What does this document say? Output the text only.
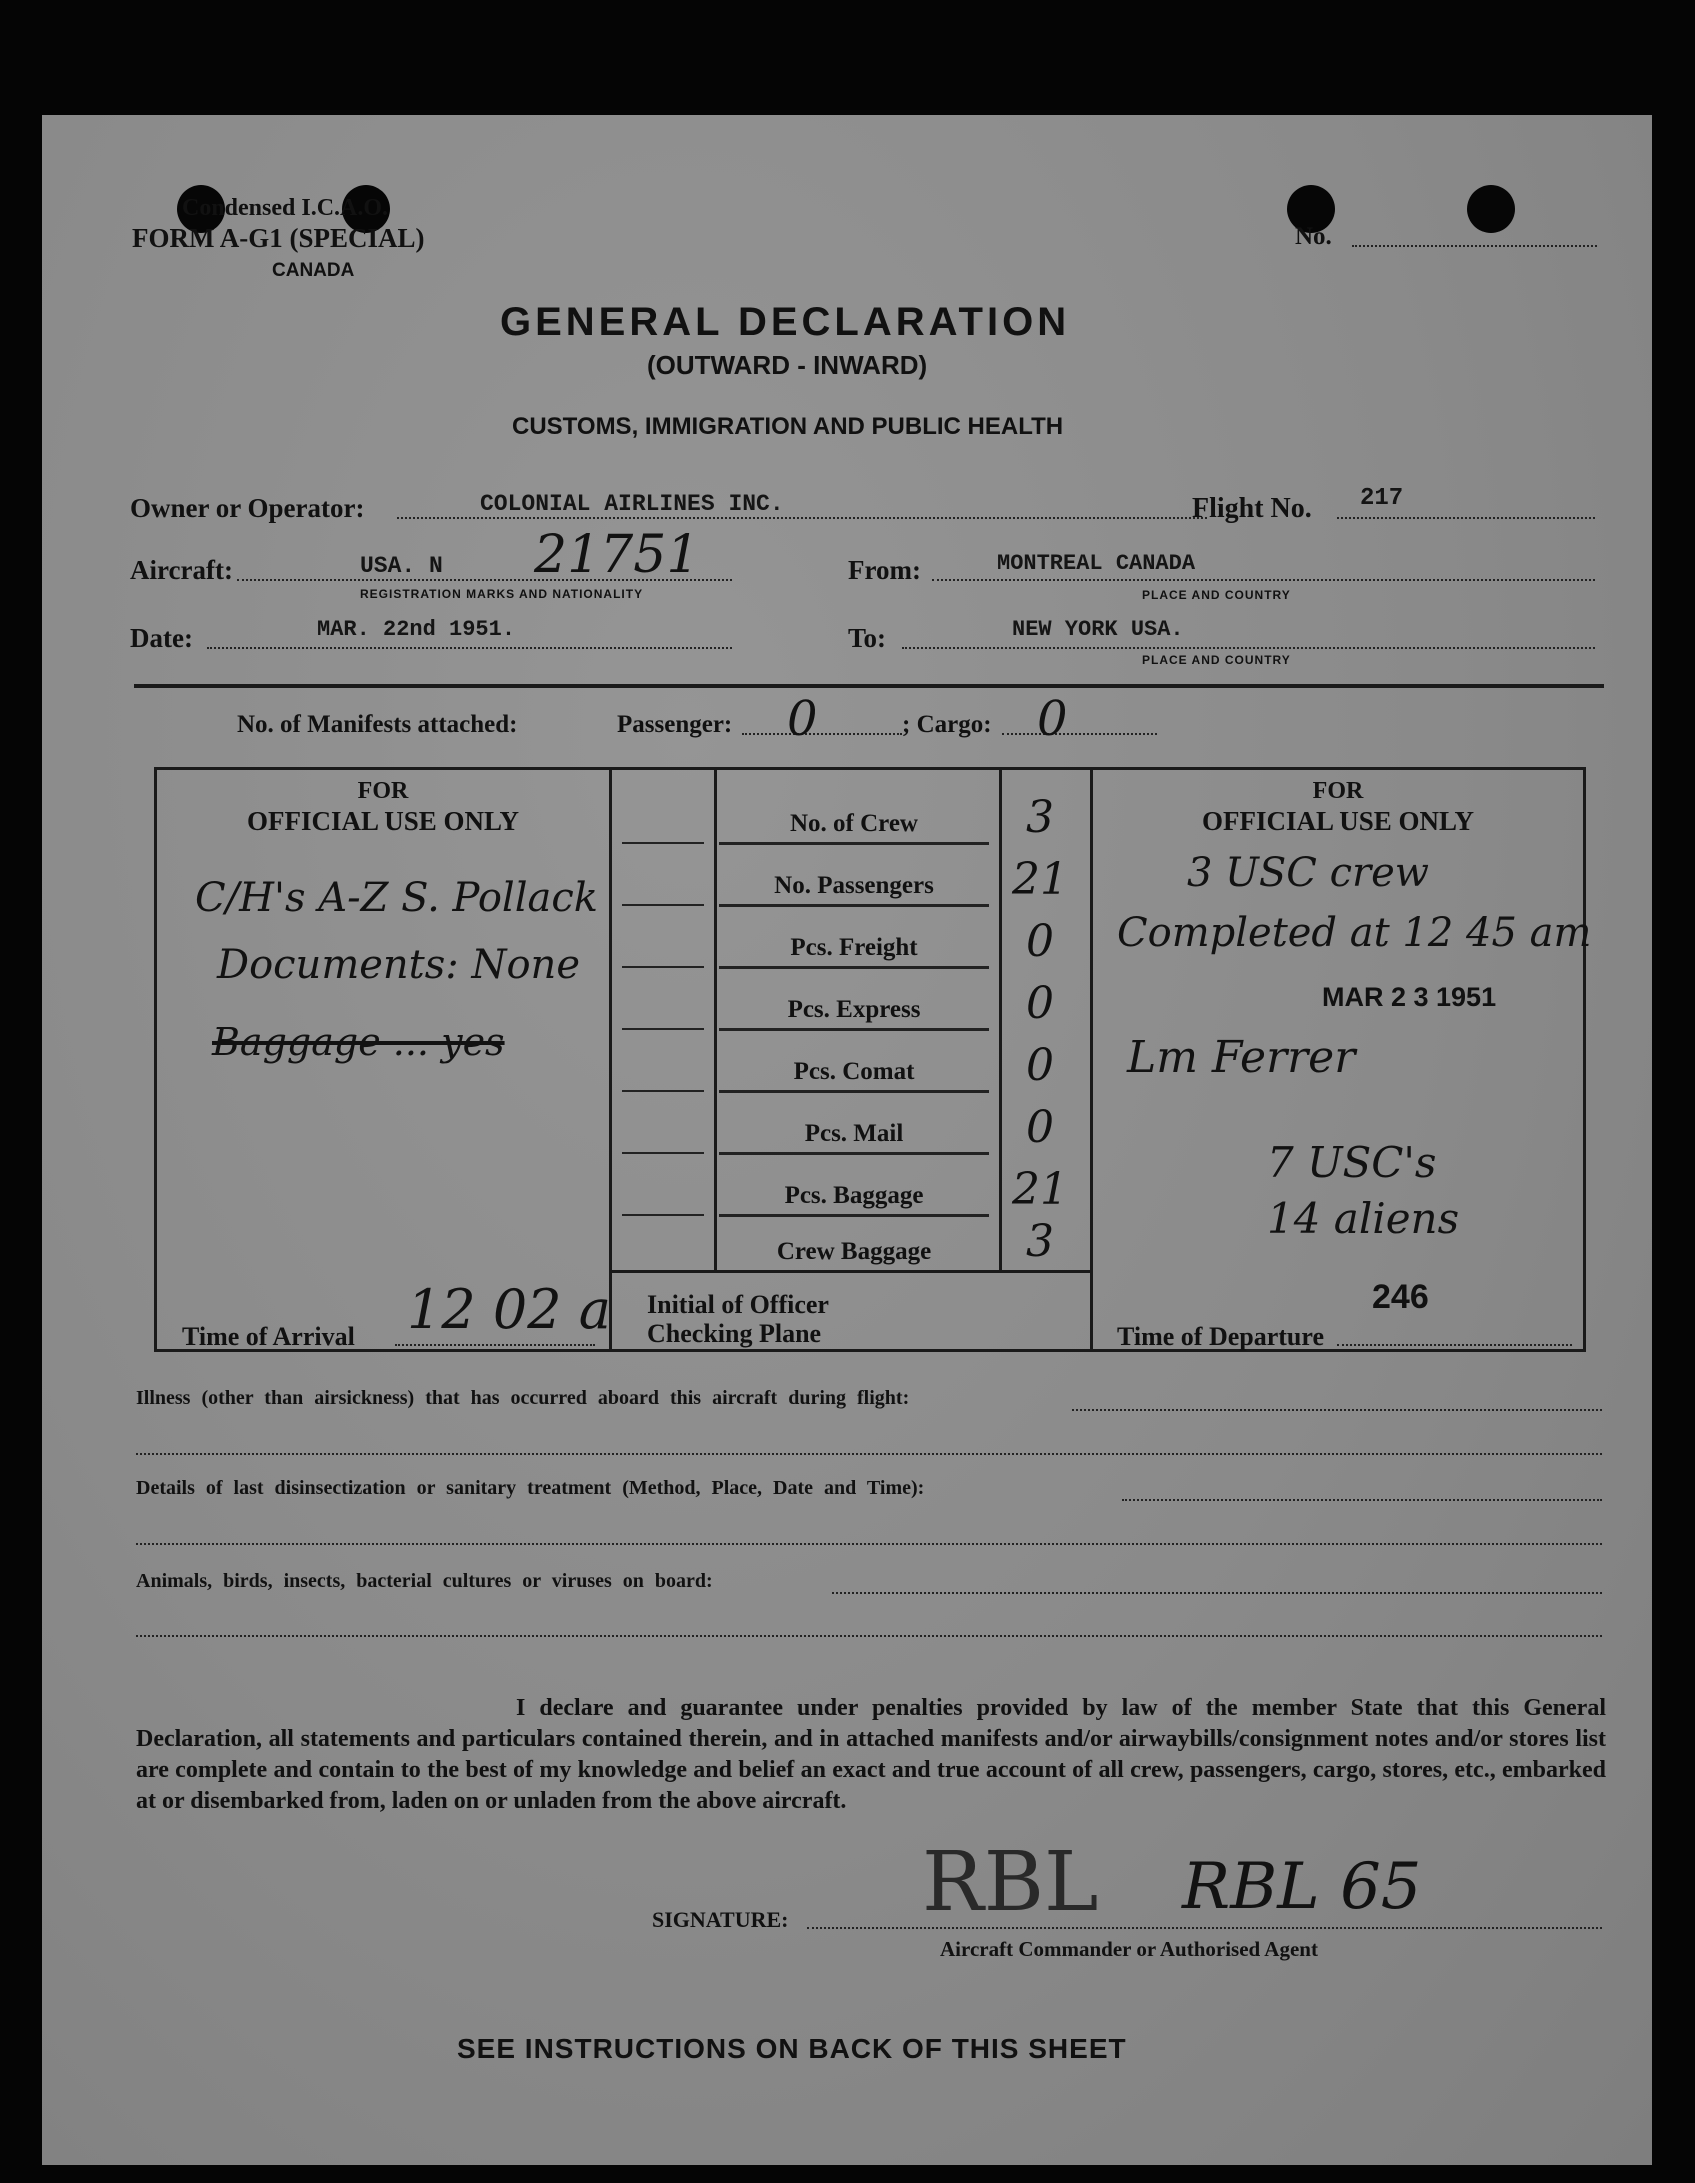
Condensed I.C.A.O.
FORM A-G1 (SPECIAL)
CANADA
No.
GENERAL DECLARATION
(OUTWARD - INWARD)
CUSTOMS, IMMIGRATION AND PUBLIC HEALTH
Owner or Operator:	COLONIAL AIRLINES INC.	Flight No. 217
Aircraft:	USA. N 21751
REGISTRATION MARKS AND NATIONALITY
From:	MONTREAL CANADA
PLACE AND COUNTRY
Date:	MAR. 22nd 1951.	To:	NEW YORK USA.
PLACE AND COUNTRY
No. of Manifests attached:	Passenger: 0	; Cargo: 0
FOR
OFFICIAL USE ONLY
C/H's A-Z S. Pollack
Documents: None
Baggage ... yes
Time of Arrival 12 02 a
No. of Crew	3
No. Passengers	21
Pcs. Freight	0
Pcs. Express	0
Pcs. Comat	0
Pcs. Mail	0
Pcs. Baggage	21
Crew Baggage	3
Initial of Officer
Checking Plane
FOR
OFFICIAL USE ONLY
3 USC crew
Completed at 12 45 am
MAR 2 3 1951
Lm Ferrer
7 USC's
14 aliens
246
Time of Departure
Illness (other than airsickness) that has occurred aboard this aircraft during flight:
Details of last disinsectization or sanitary treatment (Method, Place, Date and Time):
Animals, birds, insects, bacterial cultures or viruses on board:
I declare and guarantee under penalties provided by law of the member State that this General Declaration, all statements and particulars contained therein, and in attached manifests and/or airwaybills/consignment notes and/or stores list are complete and contain to the best of my knowledge and belief an exact and true account of all crew, passengers, cargo, stores, etc., embarked at or disembarked from, laden on or unladen from the above aircraft.
SIGNATURE: RBL RBL 65
Aircraft Commander or Authorised Agent
SEE INSTRUCTIONS ON BACK OF THIS SHEET
